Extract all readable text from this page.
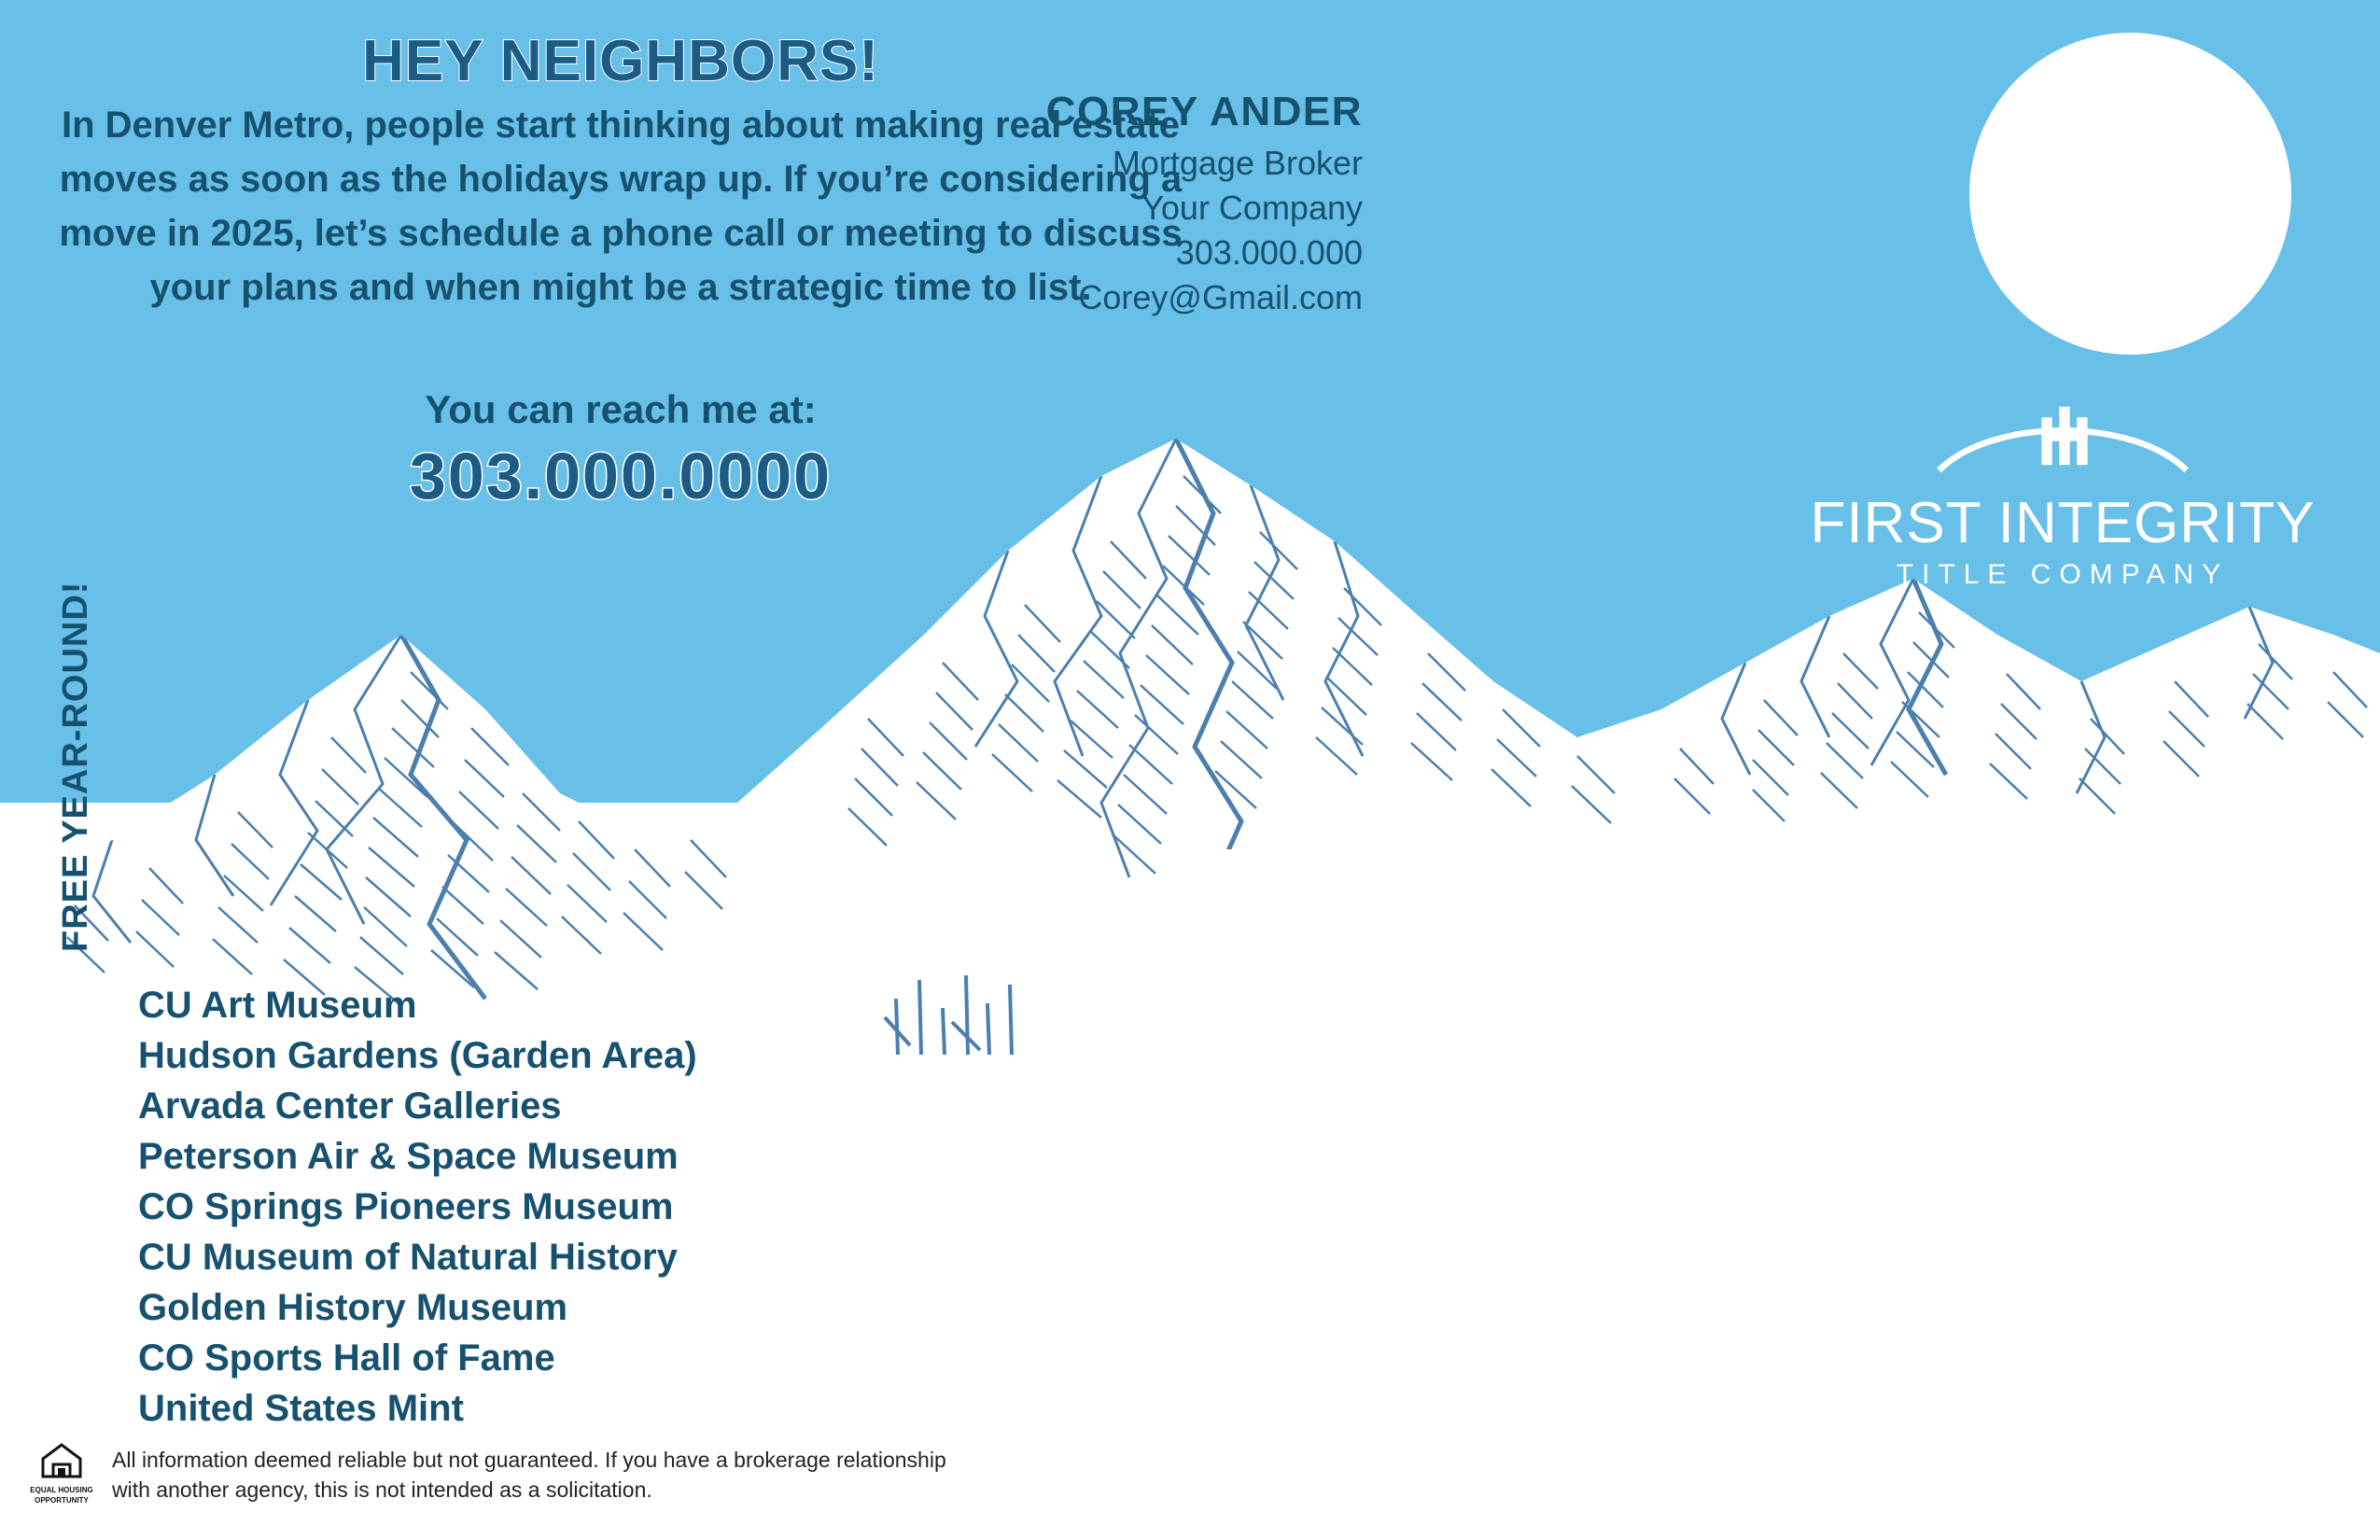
HEY NEIGHBORS!
In Denver Metro, people start thinking about making real estate moves as soon as the holidays wrap up. If you’re considering a move in 2025, let’s schedule a phone call or meeting to discuss your plans and when might be a strategic time to list.
You can reach me at:
303.000.0000
COREY ANDER
Mortgage Broker
Your Company
303.000.000
Corey@Gmail.com
FIRST INTEGRITY
TITLE COMPANY
FREE YEAR-ROUND!
CU Art Museum
Hudson Gardens (Garden Area)
Arvada Center Galleries
Peterson Air & Space Museum
CO Springs Pioneers Museum
CU Museum of Natural History
Golden History Museum
CO Sports Hall of Fame
United States Mint
EQUAL HOUSING
OPPORTUNITY
All information deemed reliable but not guaranteed. If you have a brokerage relationship with another agency, this is not intended as a solicitation.
